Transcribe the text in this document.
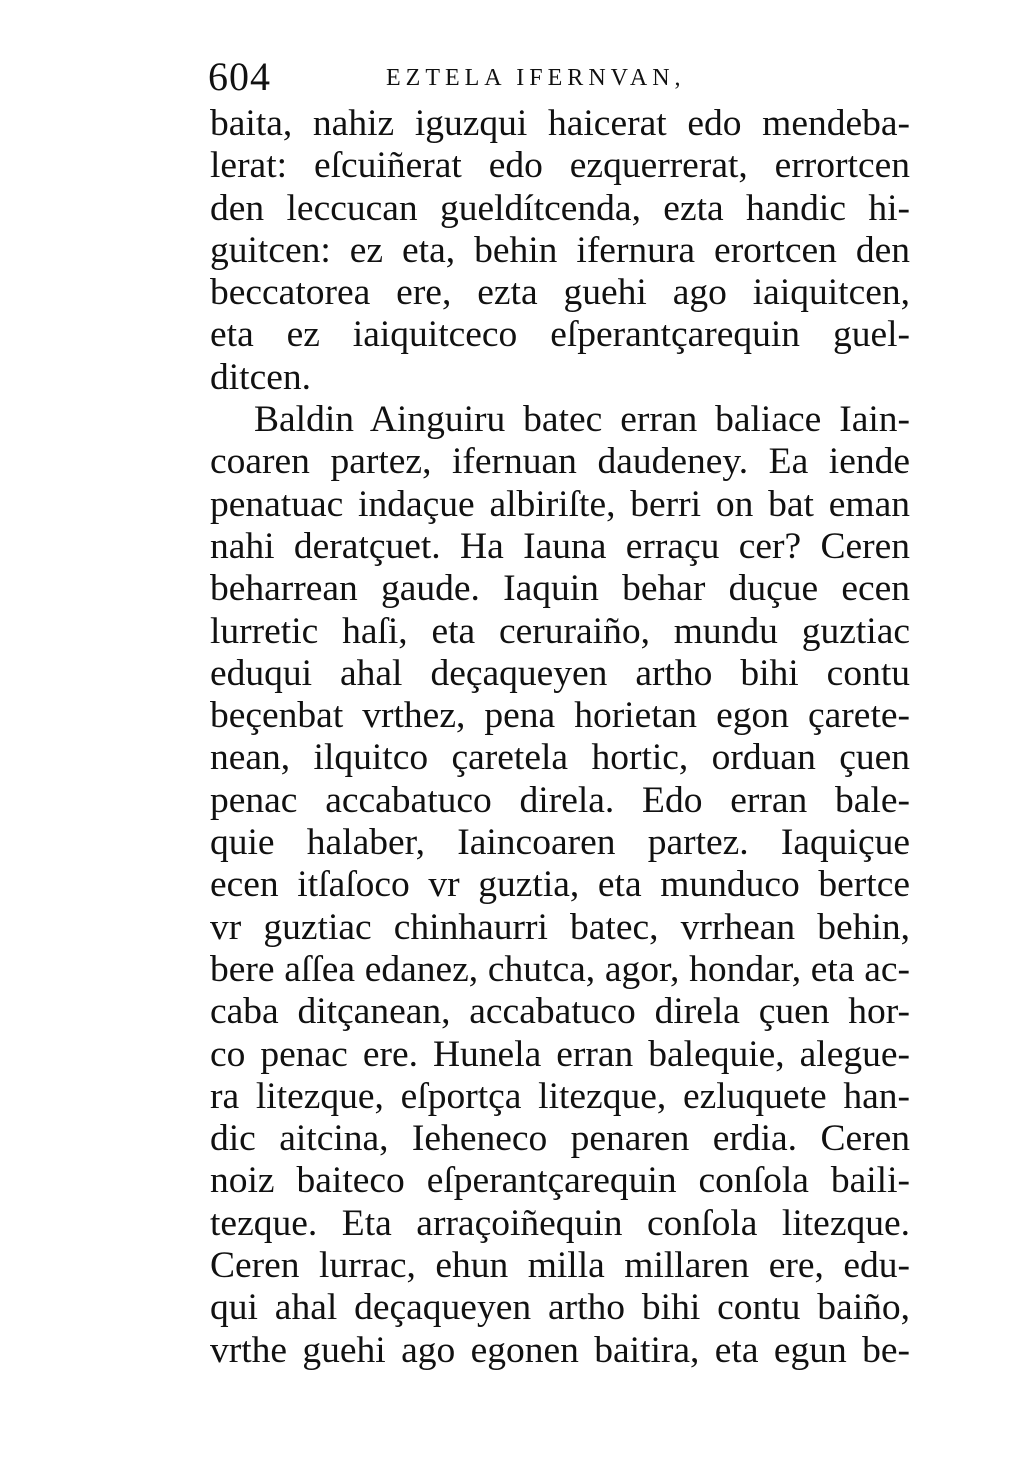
604	EZTELA IFERNVAN,
baita, nahiz iguzqui haicerat edo mendeba-
lerat: eſcuiñerat edo ezquerrerat, errortcen
den leccucan gueldítcenda, ezta handic hi-
guitcen: ez eta, behin ifernura erortcen den
beccatorea ere, ezta guehi ago iaiquitcen,
eta ez iaiquitceco eſperantçarequin guel-
ditcen.
Baldin Ainguiru batec erran baliace Iain-
coaren partez, ifernuan daudeney. Ea iende
penatuac indaçue albiriſte, berri on bat eman
nahi deratçuet. Ha Iauna erraçu cer? Ceren
beharrean gaude. Iaquin behar duçue ecen
lurretic haſi, eta ceruraiño, mundu guztiac
eduqui ahal deçaqueyen artho bihi contu
beçenbat vrthez, pena horietan egon çarete-
nean, ilquitco çaretela hortic, orduan çuen
penac accabatuco direla. Edo erran bale-
quie halaber, Iaincoaren partez. Iaquiçue
ecen itſaſoco vr guztia, eta munduco bertce
vr guztiac chinhaurri batec, vrrhean behin,
bere aſſea edanez, chutca, agor, hondar, eta ac-
caba ditçanean, accabatuco direla çuen hor-
co penac ere. Hunela erran balequie, alegue-
ra litezque, eſportça litezque, ezluquete han-
dic aitcina, Iehenecο penaren erdia. Ceren
noiz baiteco eſperantçarequin conſola baili-
tezque. Eta arraçoiñequin conſola litezque.
Ceren lurrac, ehun milla millaren ere, edu-
qui ahal deçaqueyen artho bihi contu baiño,
vrthe guehi ago egonen baitira, eta egun be-
